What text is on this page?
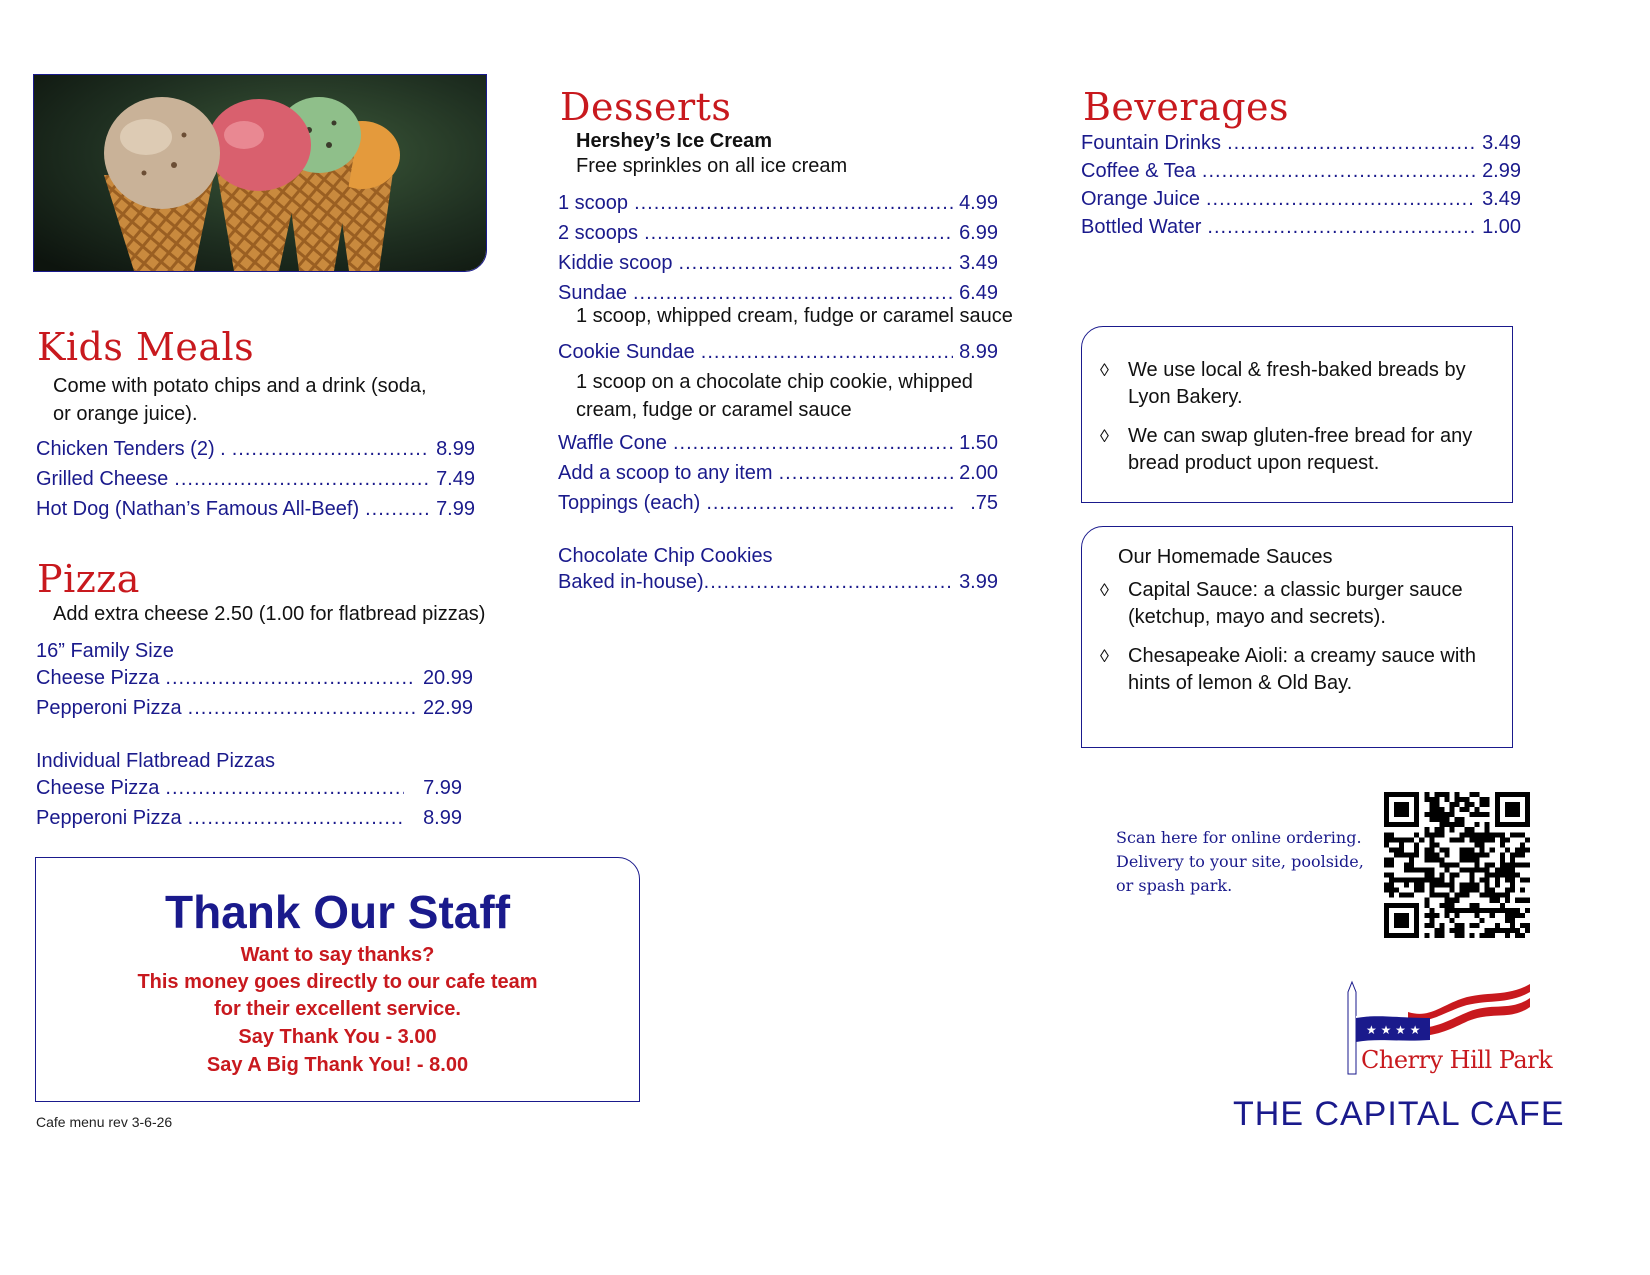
Kids Meals
Come with potato chips and a drink (soda,
or orange juice).
Chicken Tenders (2) . .....	8.99
Grilled Cheese .....	7.49
Hot Dog (Nathan’s Famous All-Beef) .....	7.99
Pizza
Add extra cheese 2.50 (1.00 for flatbread pizzas)
16” Family Size
Cheese Pizza .....	20.99
Pepperoni Pizza .....	22.99
Individual Flatbread Pizzas
Cheese Pizza .....	7.99
Pepperoni Pizza .....	8.99
Thank Our Staff
Want to say thanks?
This money goes directly to our cafe team
for their excellent service.
Say Thank You - 3.00
Say A Big Thank You! - 8.00
Cafe menu rev 3-6-26
Desserts
Hershey’s Ice Cream
Free sprinkles on all ice cream
1 scoop .....	4.99
2 scoops .....	6.99
Kiddie scoop .....	3.49
Sundae .....	6.49
1 scoop, whipped cream, fudge or caramel sauce
Cookie Sundae .....	8.99
1 scoop on a chocolate chip cookie, whipped
cream, fudge or caramel sauce
Waffle Cone .....	1.50
Add a scoop to any item .....	2.00
Toppings (each) .....	.75
Chocolate Chip Cookies
Baked in-house) .....	3.99
Beverages
Fountain Drinks .....	3.49
Coffee & Tea .....	2.99
Orange Juice .....	3.49
Bottled Water .....	1.00
◊ We use local & fresh-baked breads by
Lyon Bakery.
◊ We can swap gluten-free bread for any
bread product upon request.
Our Homemade Sauces
◊ Capital Sauce: a classic burger sauce
(ketchup, mayo and secrets).
◊ Chesapeake Aioli: a creamy sauce with
hints of lemon & Old Bay.
Scan here for online ordering.
Delivery to your site, poolside,
or spash park.
★ ★ ★ ★
Cherry Hill Park
THE CAPITAL CAFE
